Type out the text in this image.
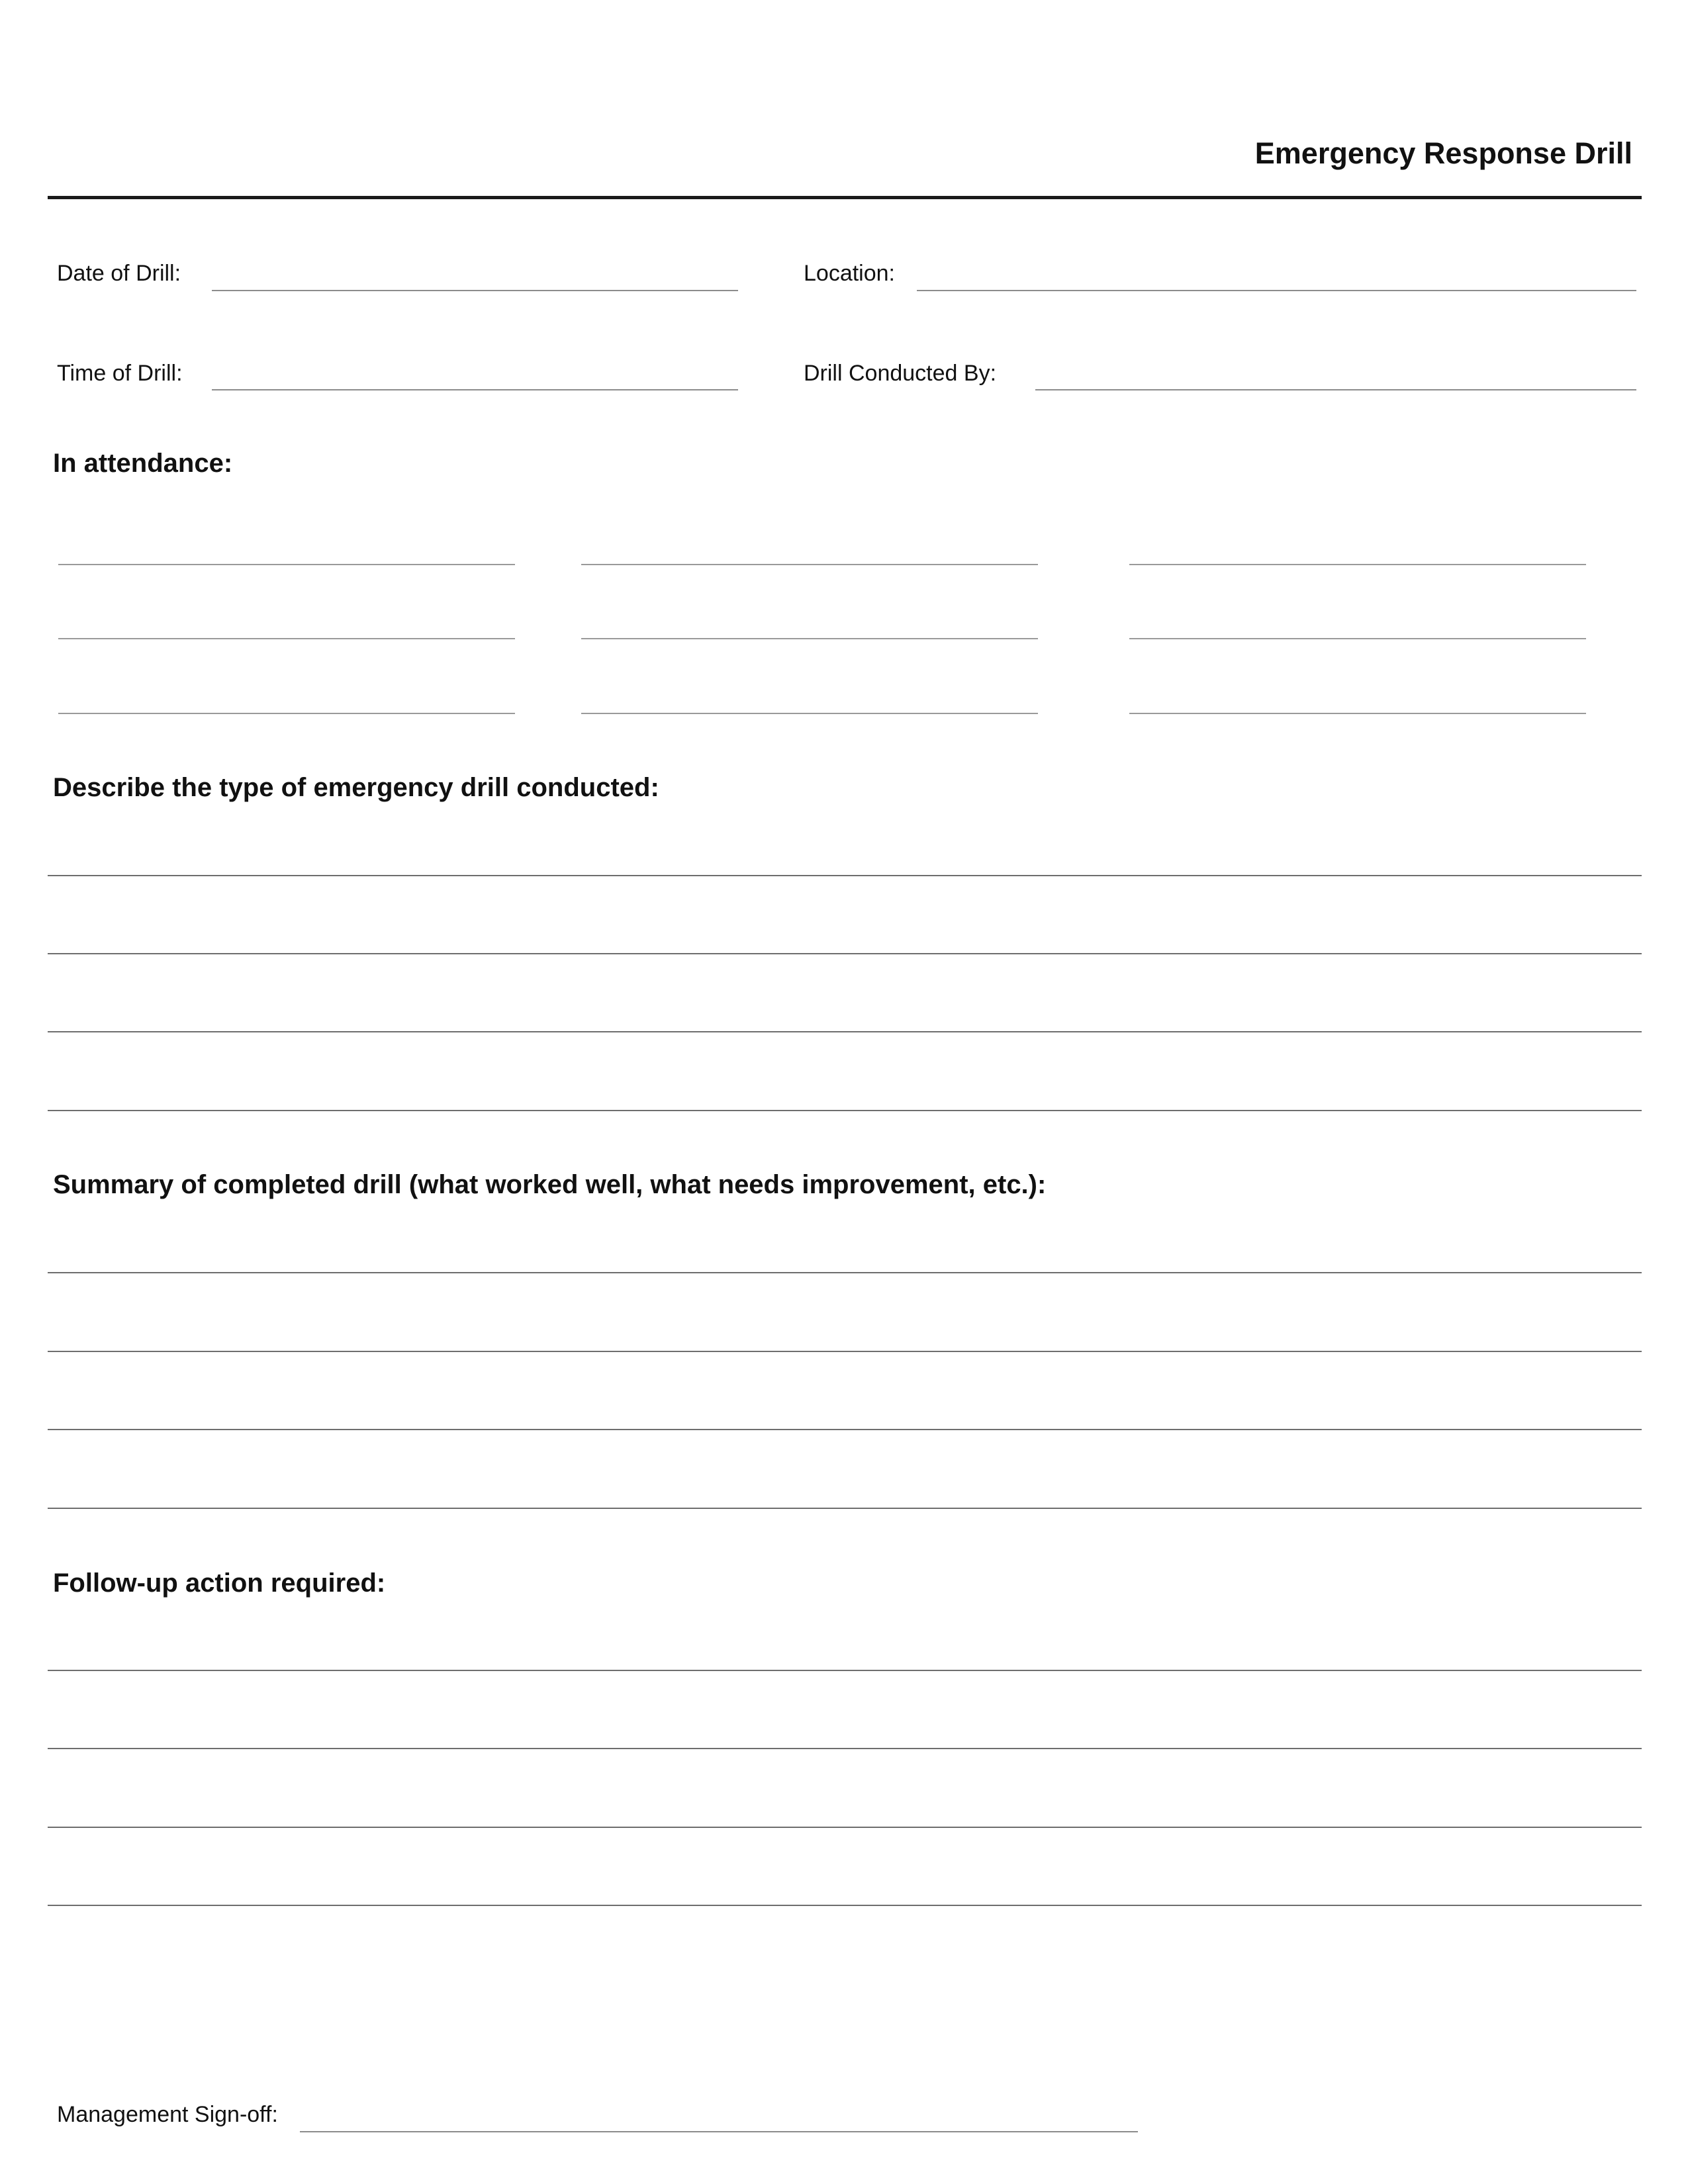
Emergency Response Drill
Date of Drill:	Location:
Time of Drill:	Drill Conducted By:
In attendance:
Describe the type of emergency drill conducted:
Summary of completed drill (what worked well, what needs improvement, etc.):
Follow-up action required:
Management Sign-off:
